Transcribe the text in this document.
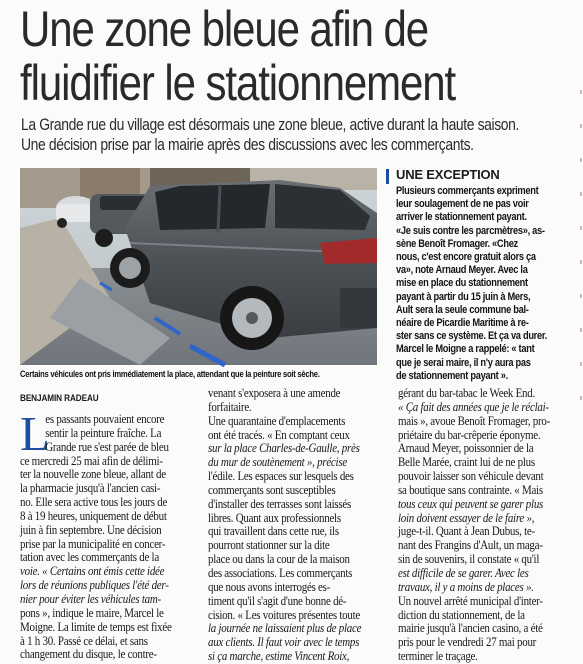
Une zone bleue afin de
fluidifier le stationnement
La Grande rue du village est désormais une zone bleue, active durant la haute saison.
Une décision prise par la mairie après des discussions avec les commerçants.
Certains véhicules ont pris immédiatement la place, attendant que la peinture soit sèche.
UNE EXCEPTION
Plusieurs commerçants expriment
leur soulagement de ne pas voir
arriver le stationnement payant.
«Je suis contre les parcmètres», as-
sène Benoît Fromager. «Chez
nous, c'est encore gratuit alors ça
va», note Arnaud Meyer. Avec la
mise en place du stationnement
payant à partir du 15 juin à Mers,
Ault sera la seule commune bal-
néaire de Picardie Maritime à re-
ster sans ce système. Et ça va durer.
Marcel le Moigne a rappelé: « tant
que je serai maire, il n'y aura pas
de stationnement payant ».
BENJAMIN RADEAU
L
es passants pouvaient encore
sentir la peinture fraîche. La
Grande rue s'est parée de bleu
ce mercredi 25 mai afin de délimi-
ter la nouvelle zone bleue, allant de
la pharmacie jusqu'à l'ancien casi-
no. Elle sera active tous les jours de
8 à 19 heures, uniquement de début
juin à fin septembre. Une décision
prise par la municipalité en concer-
tation avec les commerçants de la
voie. « Certains ont émis cette idée
lors de réunions publiques l'été der-
nier pour éviter les véhicules tam-
pons », indique le maire, Marcel le
Moigne. La limite de temps est fixée
à 1 h 30. Passé ce délai, et sans
changement du disque, le contre-
venant s'exposera à une amende
forfaitaire.
Une quarantaine d'emplacements
ont été tracés. « En comptant ceux
sur la place Charles-de-Gaulle, près
du mur de soutènement », précise
l'édile. Les espaces sur lesquels des
commerçants sont susceptibles
d'installer des terrasses sont laissés
libres. Quant aux professionnels
qui travaillent dans cette rue, ils
pourront stationner sur la dite
place ou dans la cour de la maison
des associations. Les commerçants
que nous avons interrogés es-
timent qu'il s'agit d'une bonne dé-
cision. « Les voitures présentes toute
la journée ne laissaient plus de place
aux clients. Il faut voir avec le temps
si ça marche, estime Vincent Roix,
gérant du bar-tabac le Week End.
« Ça fait des années que je le réclai-
mais », avoue Benoît Fromager, pro-
priétaire du bar-crêperie éponyme.
Arnaud Meyer, poissonnier de la
Belle Marée, craint lui de ne plus
pouvoir laisser son véhicule devant
sa boutique sans contrainte. « Mais
tous ceux qui peuvent se garer plus
loin doivent essayer de le faire »,
juge-t-il. Quant à Jean Dubus, te-
nant des Frangins d'Ault, un maga-
sin de souvenirs, il constate « qu'il
est difficile de se garer. Avec les
travaux, il y a moins de places ».
Un nouvel arrêté municipal d'inter-
diction du stationnement, de la
mairie jusqu'à l'ancien casino, a été
pris pour le vendredi 27 mai pour
terminer le traçage.
